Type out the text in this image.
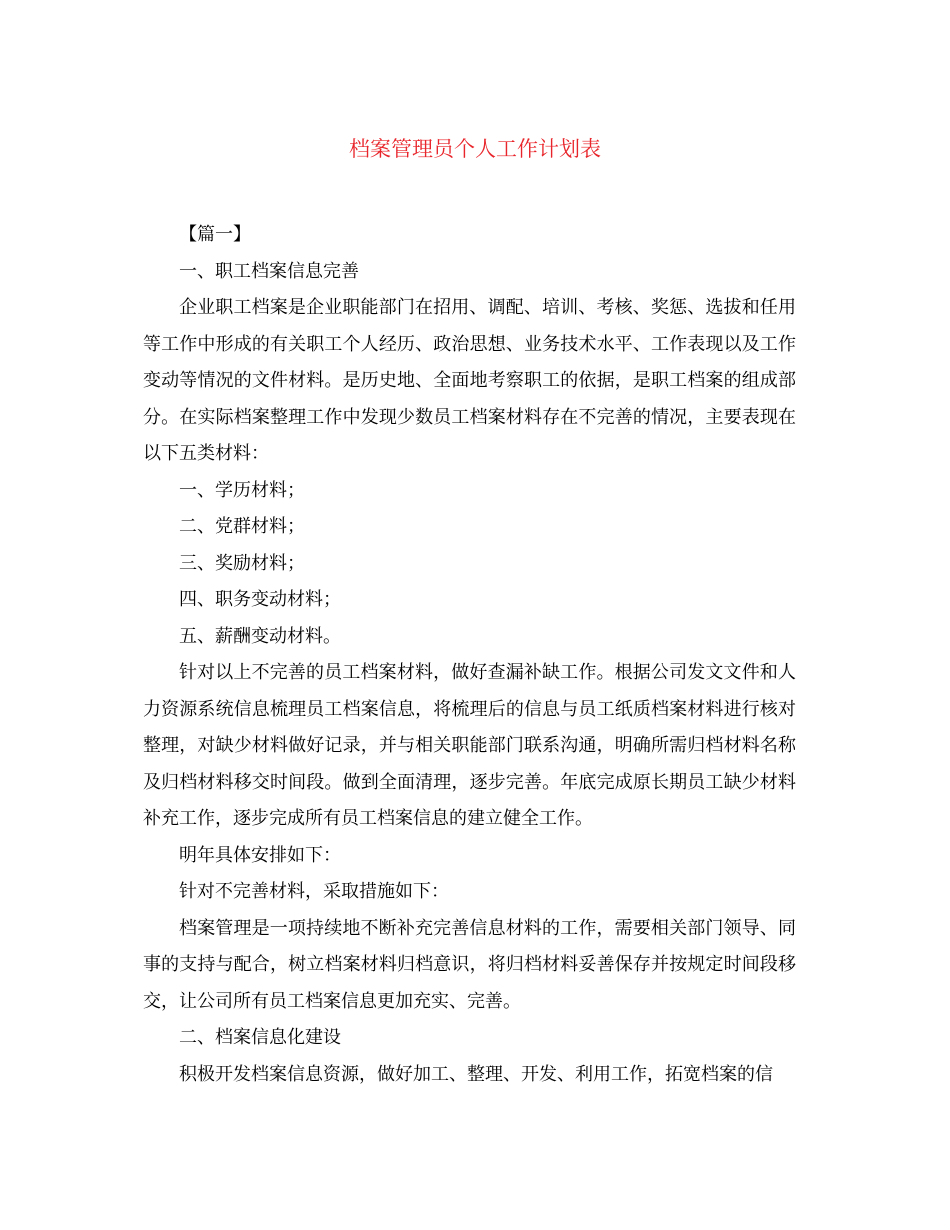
档案管理员个人工作计划表

【篇一】

一、职工档案信息完善

企业职工档案是企业职能部门在招用、调配、培训、考核、奖惩、选拔和任用等工作中形成的有关职工个人经历、政治思想、业务技术水平、工作表现以及工作变动等情况的文件材料。是历史地、全面地考察职工的依据，是职工档案的组成部分。在实际档案整理工作中发现少数员工档案材料存在不完善的情况，主要表现在以下五类材料：

一、学历材料；

二、党群材料；

三、奖励材料；

四、职务变动材料；

五、薪酬变动材料。

针对以上不完善的员工档案材料，做好查漏补缺工作。根据公司发文文件和人力资源系统信息梳理员工档案信息，将梳理后的信息与员工纸质档案材料进行核对整理，对缺少材料做好记录，并与相关职能部门联系沟通，明确所需归档材料名称及归档材料移交时间段。做到全面清理，逐步完善。年底完成原长期员工缺少材料补充工作，逐步完成所有员工档案信息的建立健全工作。

明年具体安排如下：

针对不完善材料，采取措施如下：

档案管理是一项持续地不断补充完善信息材料的工作，需要相关部门领导、同事的支持与配合，树立档案材料归档意识，将归档材料妥善保存并按规定时间段移交，让公司所有员工档案信息更加充实、完善。

二、档案信息化建设

积极开发档案信息资源，做好加工、整理、开发、利用工作，拓宽档案的信
